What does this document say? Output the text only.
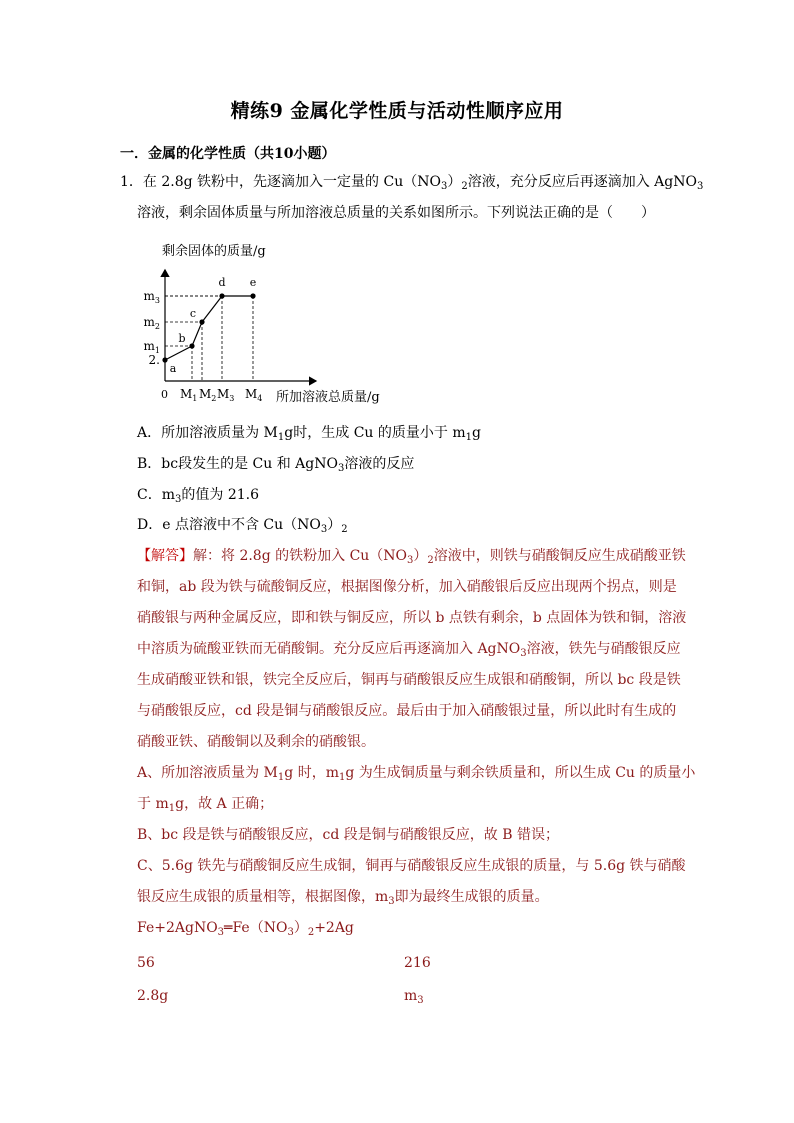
精练9 金属化学性质与活动性顺序应用
一．金属的化学性质（共10小题）
1．在 2.8g 铁粉中，先逐滴加入一定量的 $Cu(NO_3)_2$溶液，充分反应后再逐滴加入 AgNO$_3$
溶液，剩余固体质量与所加溶液总质量的关系如图所示。下列说法正确的是（　　）
剩余固体的质量/g
所加溶液总质量/g
0
2.
$m_1$
$m_2$
$m_3$
$M_1$ $M_2$ $M_3$ $M_4$
a
b
c
d e
A．所加溶液质量为 $M_1g$时，生成 Cu 的质量小于 $m_1g$
B．bc段发生的是 Cu 和 AgNO$_3$溶液的反应
C．$m_3$的值为 21.6
D．e 点溶液中不含 $Cu(NO_3)_2$
【解答】解：将 2.8g 的铁粉加入 $Cu(NO_3)_2$溶液中，则铁与硝酸铜反应生成硝酸亚铁
和铜，ab 段为铁与硫酸铜反应，根据图像分析，加入硝酸银后反应出现两个拐点，则是
硝酸银与两种金属反应，即和铁与铜反应，所以 b 点铁有剩余，b 点固体为铁和铜，溶液
中溶质为硫酸亚铁而无硝酸铜。充分反应后再逐滴加入 AgNO$_3$溶液，铁先与硝酸银反应
生成硝酸亚铁和银，铁完全反应后，铜再与硝酸银反应生成银和硝酸铜，所以 bc 段是铁
与硝酸银反应，cd 段是铜与硝酸银反应。最后由于加入硝酸银过量，所以此时有生成的
硝酸亚铁、硝酸铜以及剩余的硝酸银。
A、所加溶液质量为 $M_1g$ 时，$m_1g$ 为生成铜质量与剩余铁质量和，所以生成 Cu 的质量小
于 $m_1g$，故 A 正确；
B、bc 段是铁与硝酸银反应，cd 段是铜与硝酸银反应，故 B 错误；
C、5.6g 铁先与硝酸铜反应生成铜，铜再与硝酸银反应生成银的质量，与 5.6g 铁与硝酸
银反应生成银的质量相等，根据图像，$m_3$即为最终生成银的质量。
$Fe+2AgNO_3═Fe(NO_3)_2+2Ag$
56	216
2.8g	$m_3$
